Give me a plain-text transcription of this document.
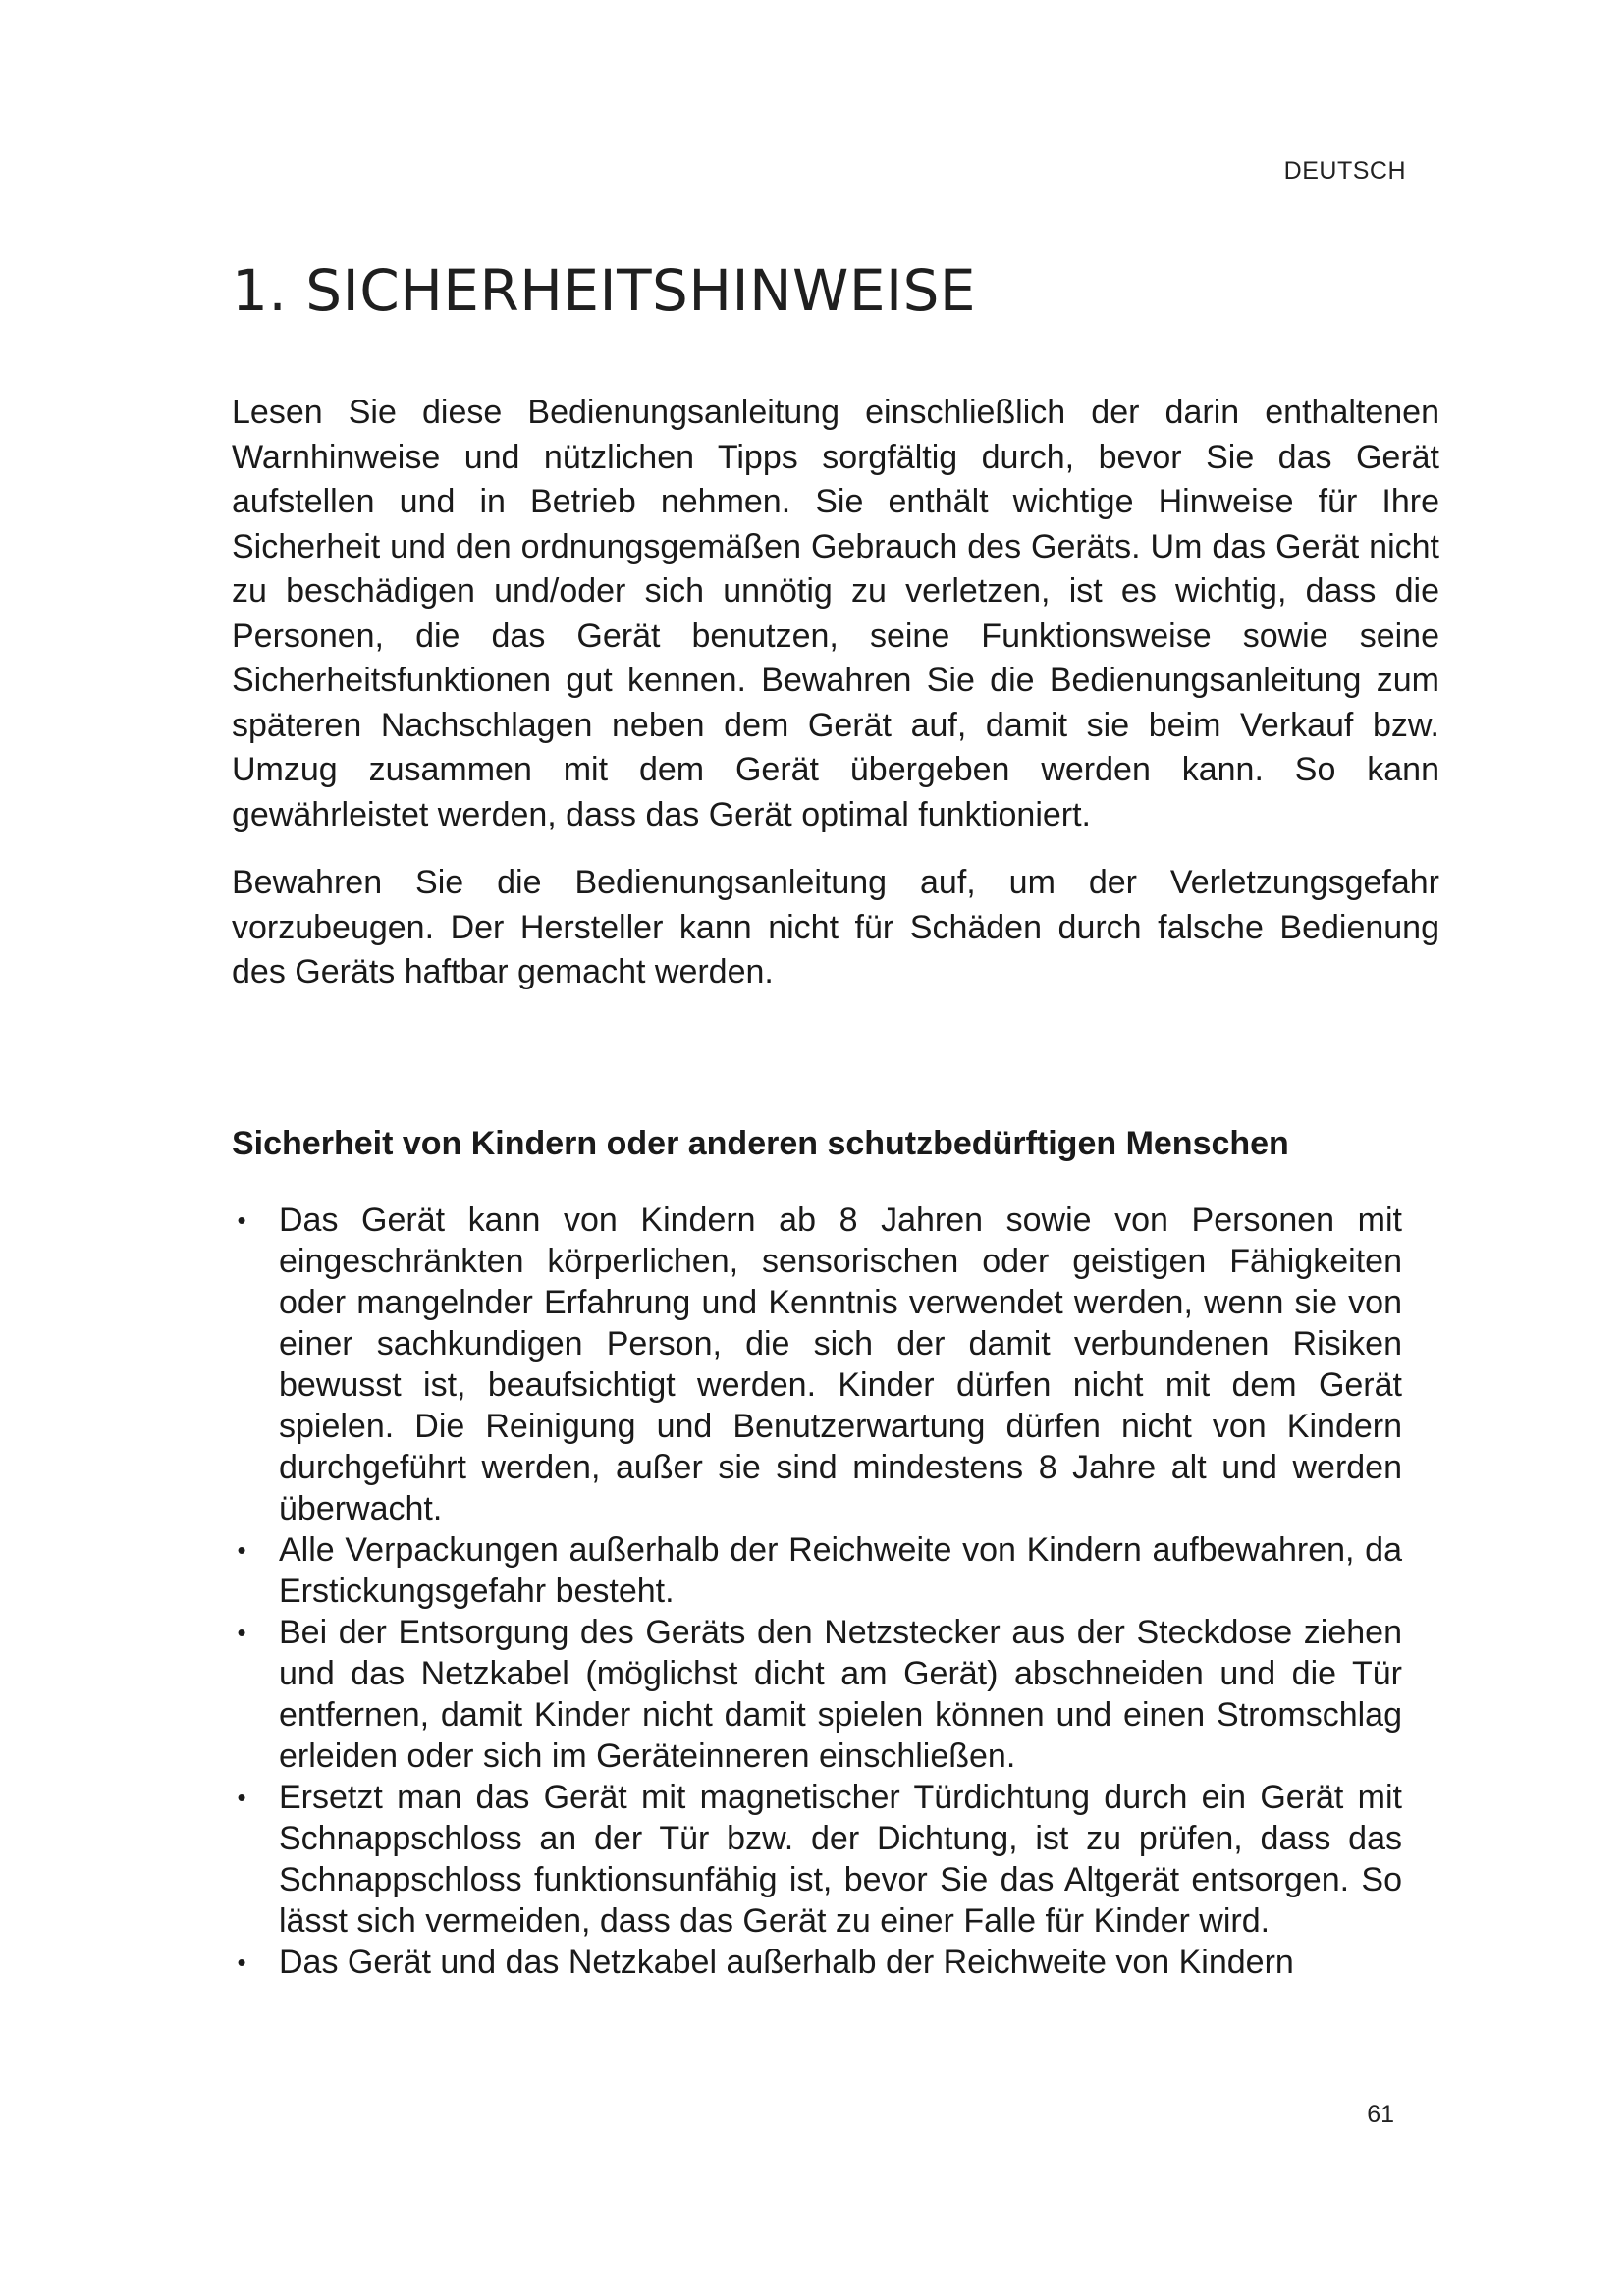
DEUTSCH
1. SICHERHEITSHINWEISE

Lesen Sie diese Bedienungsanleitung einschließlich der darin enthaltenen Warnhinweise und nützlichen Tipps sorgfältig durch, bevor Sie das Gerät aufstellen und in Betrieb nehmen. Sie enthält wichtige Hinweise für Ihre Sicherheit und den ordnungsgemäßen Gebrauch des Geräts. Um das Gerät nicht zu beschädigen und/oder sich unnötig zu verletzen, ist es wichtig, dass die Personen, die das Gerät benutzen, seine Funktionsweise sowie seine Sicherheitsfunktionen gut kennen. Bewahren Sie die Bedienungsanleitung zum späteren Nachschlagen neben dem Gerät auf, damit sie beim Verkauf bzw. Umzug zusammen mit dem Gerät übergeben werden kann. So kann gewährleistet werden, dass das Gerät optimal funktioniert.

Bewahren Sie die Bedienungsanleitung auf, um der Verletzungsgefahr vorzubeugen. Der Hersteller kann nicht für Schäden durch falsche Bedienung des Geräts haftbar gemacht werden.

Sicherheit von Kindern oder anderen schutzbedürftigen Menschen
• Das Gerät kann von Kindern ab 8 Jahren sowie von Personen mit eingeschränkten körperlichen, sensorischen oder geistigen Fähigkeiten oder mangelnder Erfahrung und Kenntnis verwendet werden, wenn sie von einer sachkundigen Person, die sich der damit verbundenen Risiken bewusst ist, beaufsichtigt werden. Kinder dürfen nicht mit dem Gerät spielen. Die Reinigung und Benutzerwartung dürfen nicht von Kindern durchgeführt werden, außer sie sind mindestens 8 Jahre alt und werden überwacht.
• Alle Verpackungen außerhalb der Reichweite von Kindern aufbewahren, da Erstickungsgefahr besteht.
• Bei der Entsorgung des Geräts den Netzstecker aus der Steckdose ziehen und das Netzkabel (möglichst dicht am Gerät) abschneiden und die Tür entfernen, damit Kinder nicht damit spielen können und einen Stromschlag erleiden oder sich im Geräteinneren einschließen.
• Ersetzt man das Gerät mit magnetischer Türdichtung durch ein Gerät mit Schnappschloss an der Tür bzw. der Dichtung, ist zu prüfen, dass das Schnappschloss funktionsunfähig ist, bevor Sie das Altgerät entsorgen. So lässt sich vermeiden, dass das Gerät zu einer Falle für Kinder wird.
• Das Gerät und das Netzkabel außerhalb der Reichweite von Kindern
61
